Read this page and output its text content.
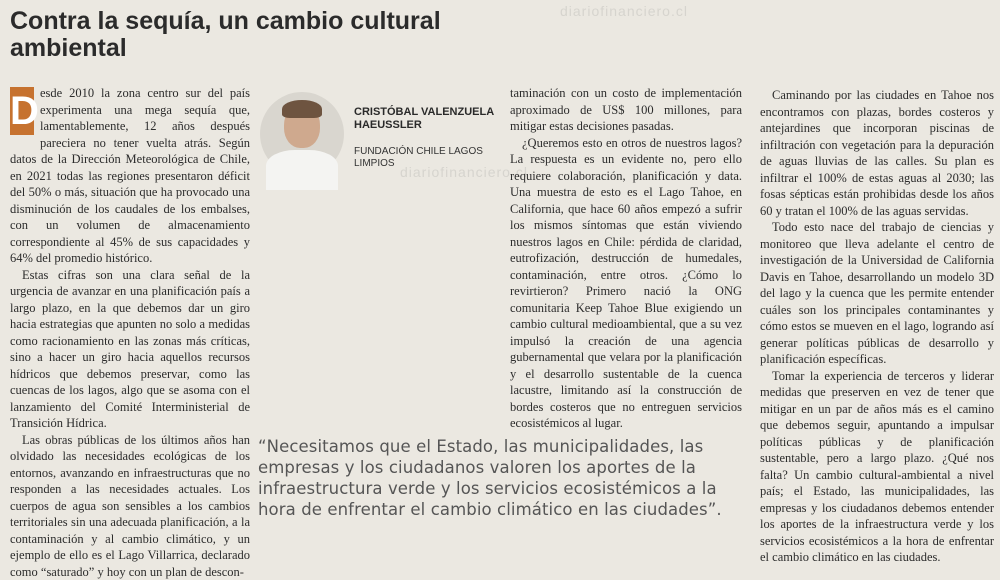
Contra la sequía, un cambio cultural ambiental
diariofinanciero.cl

D esde 2010 la zona centro sur del país experimenta una mega sequía que, lamentablemente, 12 años después pareciera no tener vuelta atrás. Según datos de la Dirección Meteorológica de Chile, en 2021 todas las regiones presentaron déficit del 50% o más, situación que ha provocado una disminución de los caudales de los embalses, con un volumen de almacenamiento correspondiente al 45% de sus capacidades y 64% del promedio histórico.

Estas cifras son una clara señal de la urgencia de avanzar en una planificación país a largo plazo, en la que debemos dar un giro hacia estrategias que apunten no solo a medidas como racionamiento en las zonas más críticas, sino a hacer un giro hacia aquellos recursos hídricos que debemos preservar, como las cuencas de los lagos, algo que se asoma con el lanzamiento del Comité Interministerial de Transición Hídrica.

Las obras públicas de los últimos años han olvidado las necesidades ecológicas de los entornos, avanzando en infraestructuras que no responden a las necesidades actuales. Los cuerpos de agua son sensibles a los cambios territoriales sin una adecuada planificación, a la contaminación y al cambio climático, y un ejemplo de ello es el Lago Villarrica, declarado como “saturado” y hoy con un plan de descon-

CRISTÓBAL VALENZUELA HAEUSSLER
FUNDACIÓN CHILE LAGOS LIMPIOS
diariofinanciero.cl

taminación con un costo de implementación aproximado de US$ 100 millones, para mitigar estas decisiones pasadas.

¿Queremos esto en otros de nuestros lagos? La respuesta es un evidente no, pero ello requiere colaboración, planificación y data. Una muestra de esto es el Lago Tahoe, en California, que hace 60 años empezó a sufrir los mismos síntomas que están viviendo nuestros lagos en Chile: pérdida de claridad, eutrofización, destrucción de humedales, contaminación, entre otros. ¿Cómo lo revirtieron? Primero nació la ONG comunitaria Keep Tahoe Blue exigiendo un cambio cultural medioambiental, que a su vez impulsó la creación de una agencia gubernamental que velara por la planificación y el desarrollo sustentable de la cuenca lacustre, limitando así la construcción de bordes costeros que no entreguen servicios ecosistémicos al lugar.

Caminando por las ciudades en Tahoe nos encontramos con plazas, bordes costeros y antejardines que incorporan piscinas de infiltración con vegetación para la depuración de aguas lluvias de las calles. Su plan es infiltrar el 100% de estas aguas al 2030; las fosas sépticas están prohibidas desde los años 60 y tratan el 100% de las aguas servidas.

Todo esto nace del trabajo de ciencias y monitoreo que lleva adelante el centro de investigación de la Universidad de California Davis en Tahoe, desarrollando un modelo 3D del lago y la cuenca que les permite entender cuáles son los principales contaminantes y cómo estos se mueven en el lago, logrando así generar políticas públicas de desarrollo y planificación específicas.

Tomar la experiencia de terceros y liderar medidas que preserven en vez de tener que mitigar en un par de años más es el camino que debemos seguir, apuntando a impulsar políticas públicas y de planificación sustentable, pero a largo plazo. ¿Qué nos falta? Un cambio cultural-ambiental a nivel país; el Estado, las municipalidades, las empresas y los ciudadanos debemos entender los aportes de la infraestructura verde y los servicios ecosistémicos a la hora de enfrentar el cambio climático en las ciudades.

“Necesitamos que el Estado, las municipalidades, las empresas y los ciudadanos valoren los aportes de la infraestructura verde y los servicios ecosistémicos a la hora de enfrentar el cambio climático en las ciudades”.
